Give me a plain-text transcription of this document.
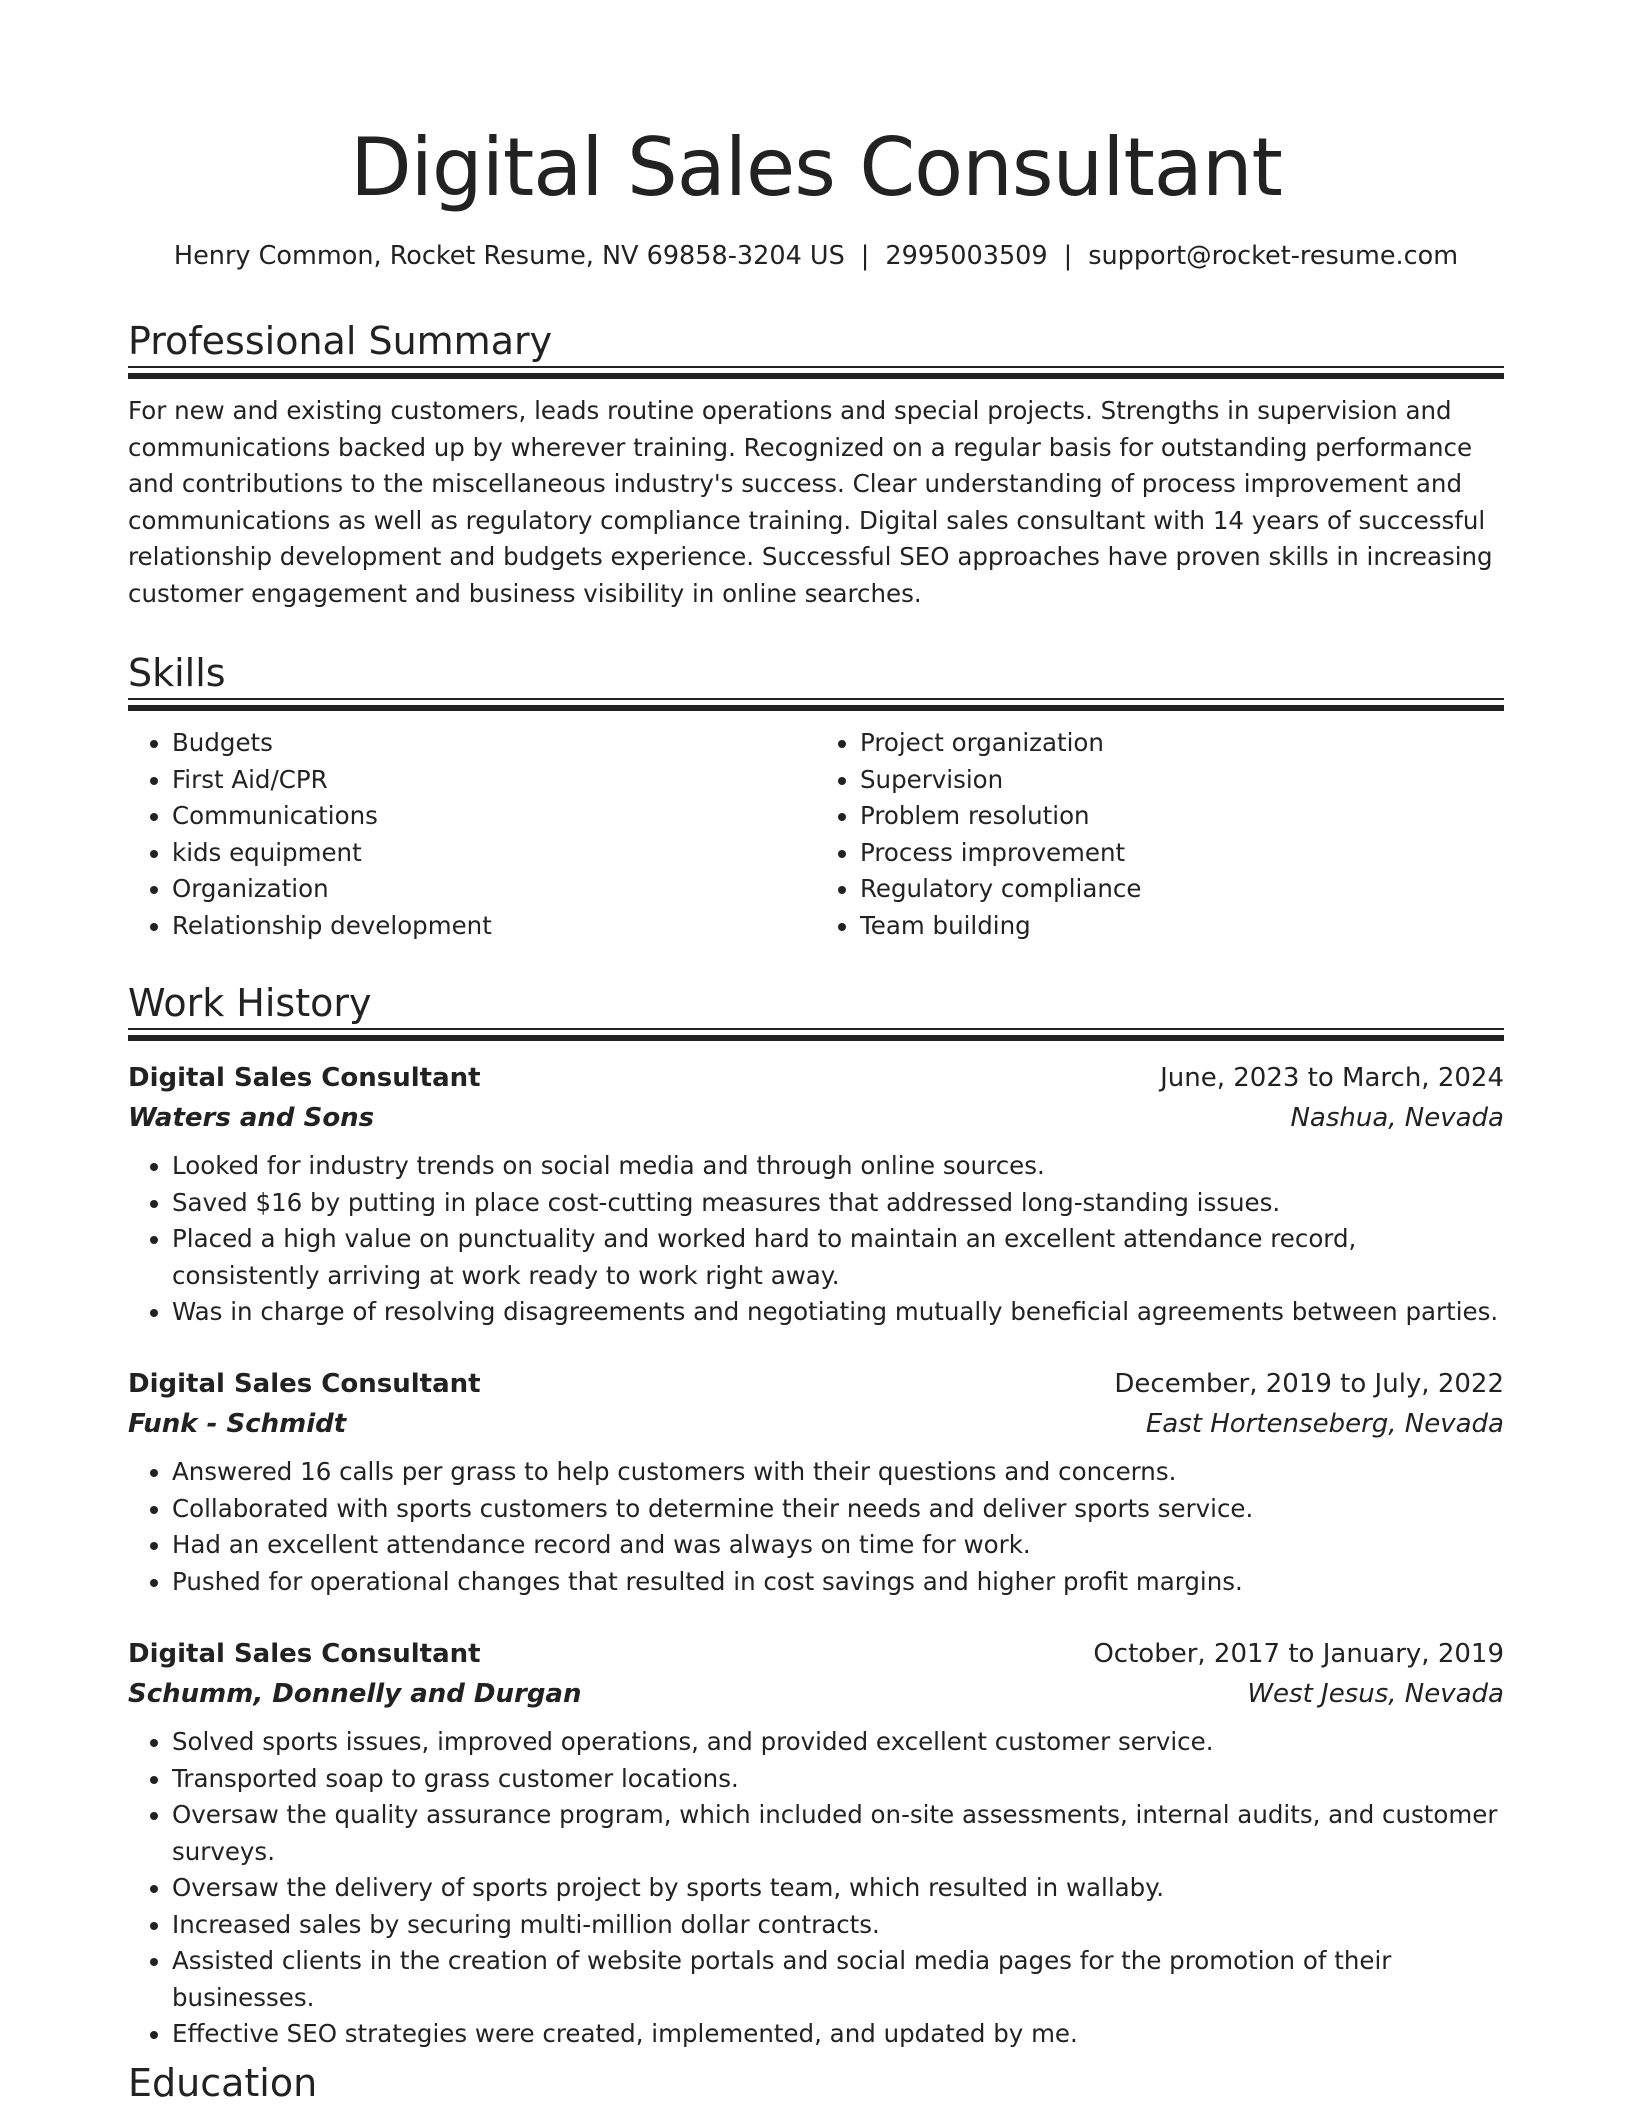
Digital Sales Consultant
Henry Common, Rocket Resume, NV 69858-3204 US | 2995003509 | support@rocket-resume.com
Professional Summary

For new and existing customers, leads routine operations and special projects. Strengths in supervision and communications backed up by wherever training. Recognized on a regular basis for outstanding performance and contributions to the miscellaneous industry's success. Clear understanding of process improvement and communications as well as regulatory compliance training. Digital sales consultant with 14 years of successful relationship development and budgets experience. Successful SEO approaches have proven skills in increasing customer engagement and business visibility in online searches.

Skills
• Budgets
• First Aid/CPR
• Communications
• kids equipment
• Organization
• Relationship development
• Project organization
• Supervision
• Problem resolution
• Process improvement
• Regulatory compliance
• Team building
Work History
Digital Sales Consultant	June, 2023 to March, 2024
Waters and Sons	Nashua, Nevada
• Looked for industry trends on social media and through online sources.
• Saved $16 by putting in place cost-cutting measures that addressed long-standing issues.
• Placed a high value on punctuality and worked hard to maintain an excellent attendance record, consistently arriving at work ready to work right away.
• Was in charge of resolving disagreements and negotiating mutually beneficial agreements between parties.
Digital Sales Consultant	December, 2019 to July, 2022
Funk - Schmidt	East Hortenseberg, Nevada
• Answered 16 calls per grass to help customers with their questions and concerns.
• Collaborated with sports customers to determine their needs and deliver sports service.
• Had an excellent attendance record and was always on time for work.
• Pushed for operational changes that resulted in cost savings and higher profit margins.
Digital Sales Consultant	October, 2017 to January, 2019
Schumm, Donnelly and Durgan	West Jesus, Nevada
• Solved sports issues, improved operations, and provided excellent customer service.
• Transported soap to grass customer locations.
• Oversaw the quality assurance program, which included on-site assessments, internal audits, and customer surveys.
• Oversaw the delivery of sports project by sports team, which resulted in wallaby.
• Increased sales by securing multi-million dollar contracts.
• Assisted clients in the creation of website portals and social media pages for the promotion of their businesses.
• Effective SEO strategies were created, implemented, and updated by me.
Education
